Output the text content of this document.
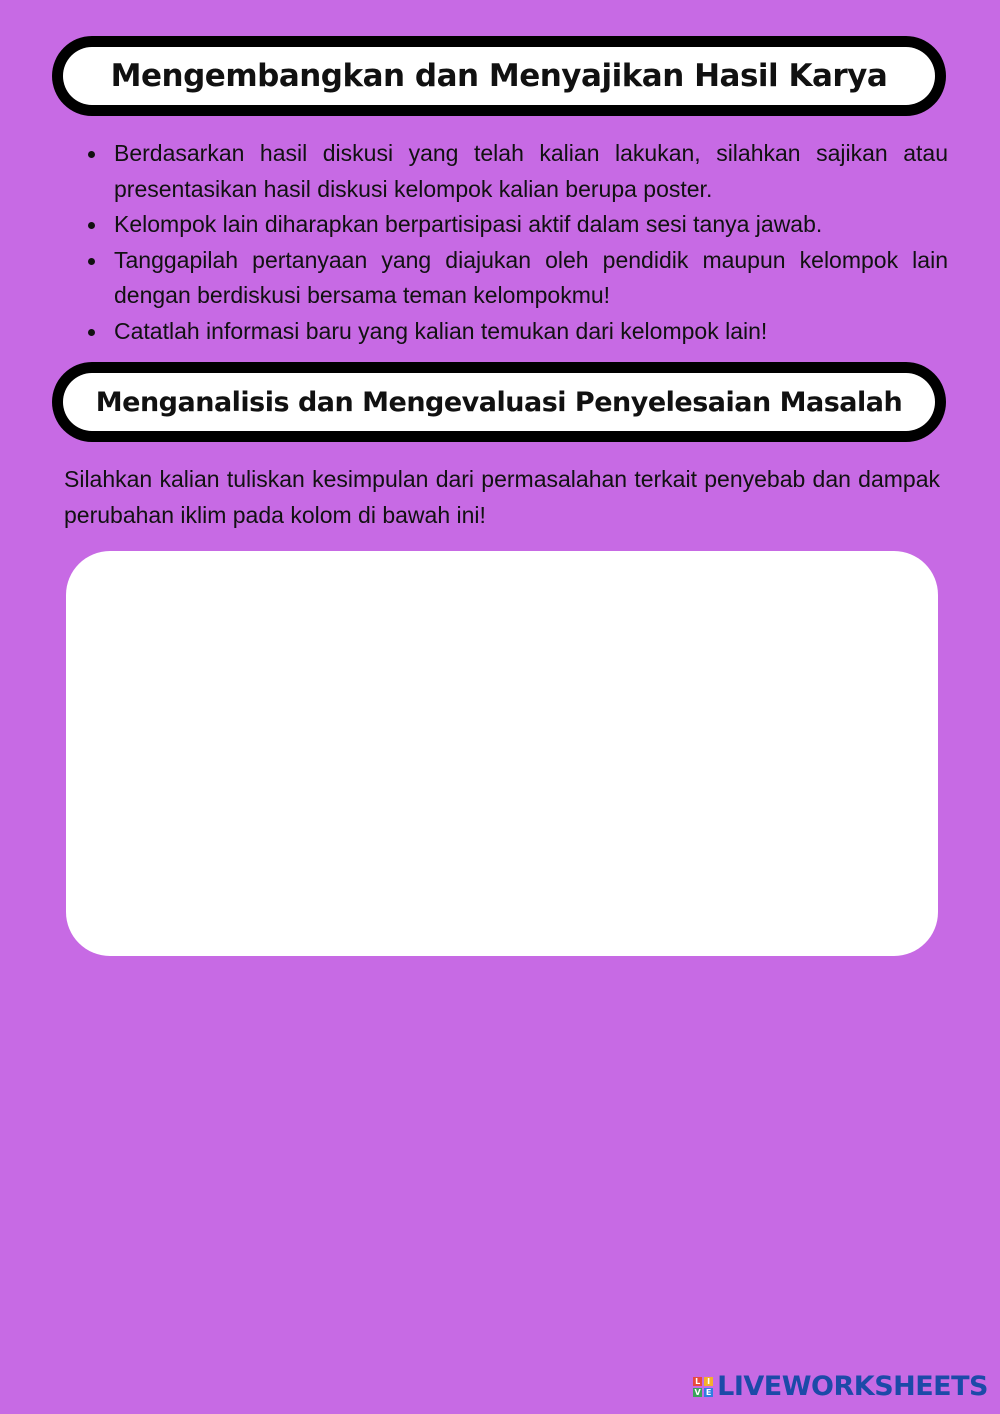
Mengembangkan dan Menyajikan Hasil Karya
Berdasarkan hasil diskusi yang telah kalian lakukan, silahkan sajikan atau presentasikan hasil diskusi kelompok kalian berupa poster.
Kelompok lain diharapkan berpartisipasi aktif dalam sesi tanya jawab.
Tanggapilah pertanyaan yang diajukan oleh pendidik maupun kelompok lain dengan berdiskusi bersama teman kelompokmu!
Catatlah informasi baru yang kalian temukan dari kelompok lain!
Menganalisis dan Mengevaluasi Penyelesaian Masalah

Silahkan kalian tuliskan kesimpulan dari permasalahan terkait penyebab dan dampak perubahan iklim pada kolom di bawah ini!

L I
V E LIVEWORKSHEETS
